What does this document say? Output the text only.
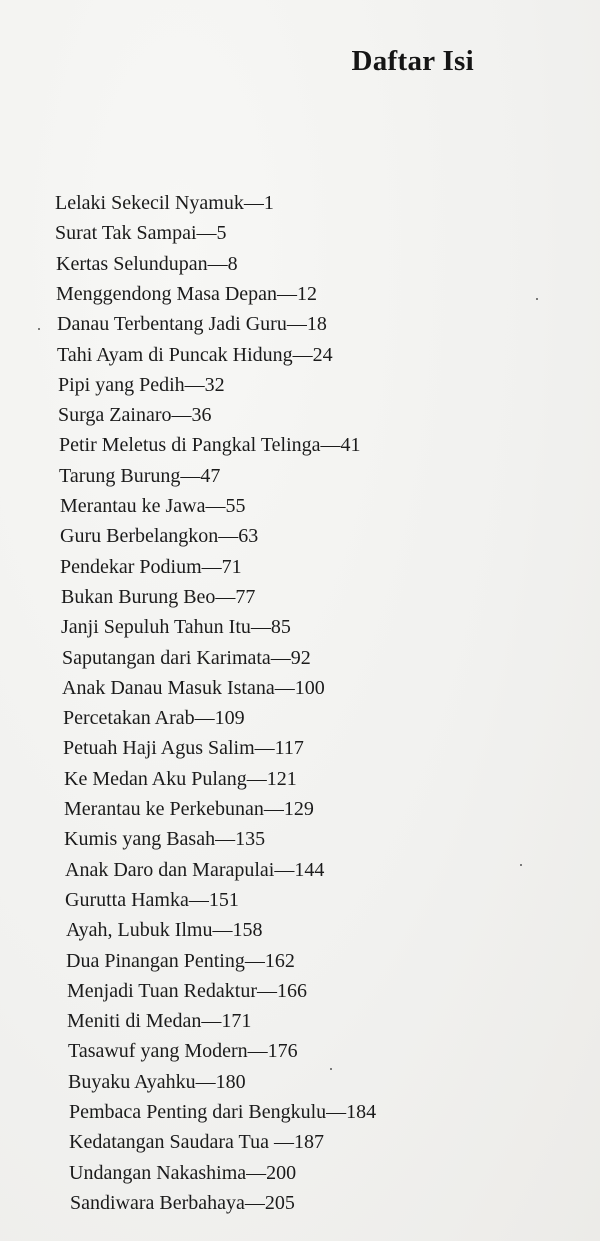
Daftar Isi
Lelaki Sekecil Nyamuk—1
Surat Tak Sampai—5
Kertas Selundupan—8
Menggendong Masa Depan—12
Danau Terbentang Jadi Guru—18
Tahi Ayam di Puncak Hidung—24
Pipi yang Pedih—32
Surga Zainaro—36
Petir Meletus di Pangkal Telinga—41
Tarung Burung—47
Merantau ke Jawa—55
Guru Berbelangkon—63
Pendekar Podium—71
Bukan Burung Beo—77
Janji Sepuluh Tahun Itu—85
Saputangan dari Karimata—92
Anak Danau Masuk Istana—100
Percetakan Arab—109
Petuah Haji Agus Salim—117
Ke Medan Aku Pulang—121
Merantau ke Perkebunan—129
Kumis yang Basah—135
Anak Daro dan Marapulai—144
Gurutta Hamka—151
Ayah, Lubuk Ilmu—158
Dua Pinangan Penting—162
Menjadi Tuan Redaktur—166
Meniti di Medan—171
Tasawuf yang Modern—176
Buyaku Ayahku—180
Pembaca Penting dari Bengkulu—184
Kedatangan Saudara Tua —187
Undangan Nakashima—200
Sandiwara Berbahaya—205
